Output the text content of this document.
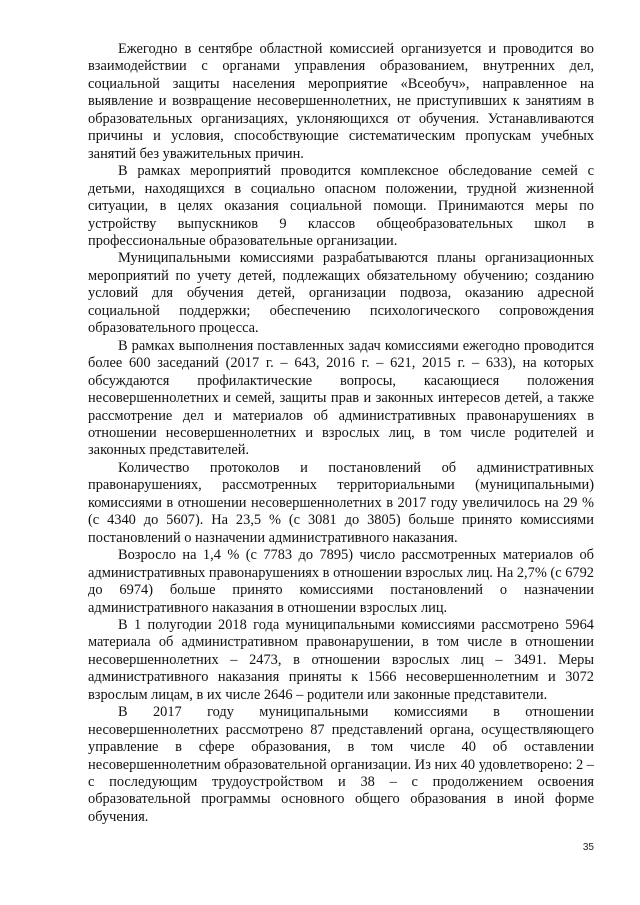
Ежегодно в сентябре областной комиссией организуется и проводится во взаимодействии с органами управления образованием, внутренних дел, социальной защиты населения мероприятие «Всеобуч», направленное на выявление и возвращение несовершеннолетних, не приступивших к занятиям в образовательных организациях, уклоняющихся от обучения. Устанавливаются причины и условия, способствующие систематическим пропускам учебных занятий без уважительных причин.

В рамках мероприятий проводится комплексное обследование семей с детьми, находящихся в социально опасном положении, трудной жизненной ситуации, в целях оказания социальной помощи. Принимаются меры по устройству выпускников 9 классов общеобразовательных школ в профессиональные образовательные организации.

Муниципальными комиссиями разрабатываются планы организационных мероприятий по учету детей, подлежащих обязательному обучению; созданию условий для обучения детей, организации подвоза, оказанию адресной социальной поддержки; обеспечению психологического сопровождения образовательного процесса.

В рамках выполнения поставленных задач комиссиями ежегодно проводится более 600 заседаний (2017 г. – 643, 2016 г. – 621, 2015 г. – 633), на которых обсуждаются профилактические вопросы, касающиеся положения несовершеннолетних и семей, защиты прав и законных интересов детей, а также рассмотрение дел и материалов об административных правонарушениях в отношении несовершеннолетних и взрослых лиц, в том числе родителей и законных представителей.

Количество протоколов и постановлений об административных правонарушениях, рассмотренных территориальными (муниципальными) комиссиями в отношении несовершеннолетних в 2017 году увеличилось на 29 % (с 4340 до 5607). На 23,5 % (с 3081 до 3805) больше принято комиссиями постановлений о назначении административного наказания.

Возросло на 1,4 % (с 7783 до 7895) число рассмотренных материалов об административных правонарушениях в отношении взрослых лиц. На 2,7% (с 6792 до 6974) больше принято комиссиями постановлений о назначении административного наказания в отношении взрослых лиц.

В 1 полугодии 2018 года муниципальными комиссиями рассмотрено 5964 материала об административном правонарушении, в том числе в отношении несовершеннолетних – 2473, в отношении взрослых лиц – 3491. Меры административного наказания приняты к 1566 несовершеннолетним и 3072 взрослым лицам, в их числе 2646 – родители или законные представители.

В 2017 году муниципальными комиссиями в отношении несовершеннолетних рассмотрено 87 представлений органа, осуществляющего управление в сфере образования, в том числе 40 об оставлении несовершеннолетним образовательной организации. Из них 40 удовлетворено: 2 – с последующим трудоустройством и 38 – с продолжением освоения образовательной программы основного общего образования в иной форме обучения.

35
